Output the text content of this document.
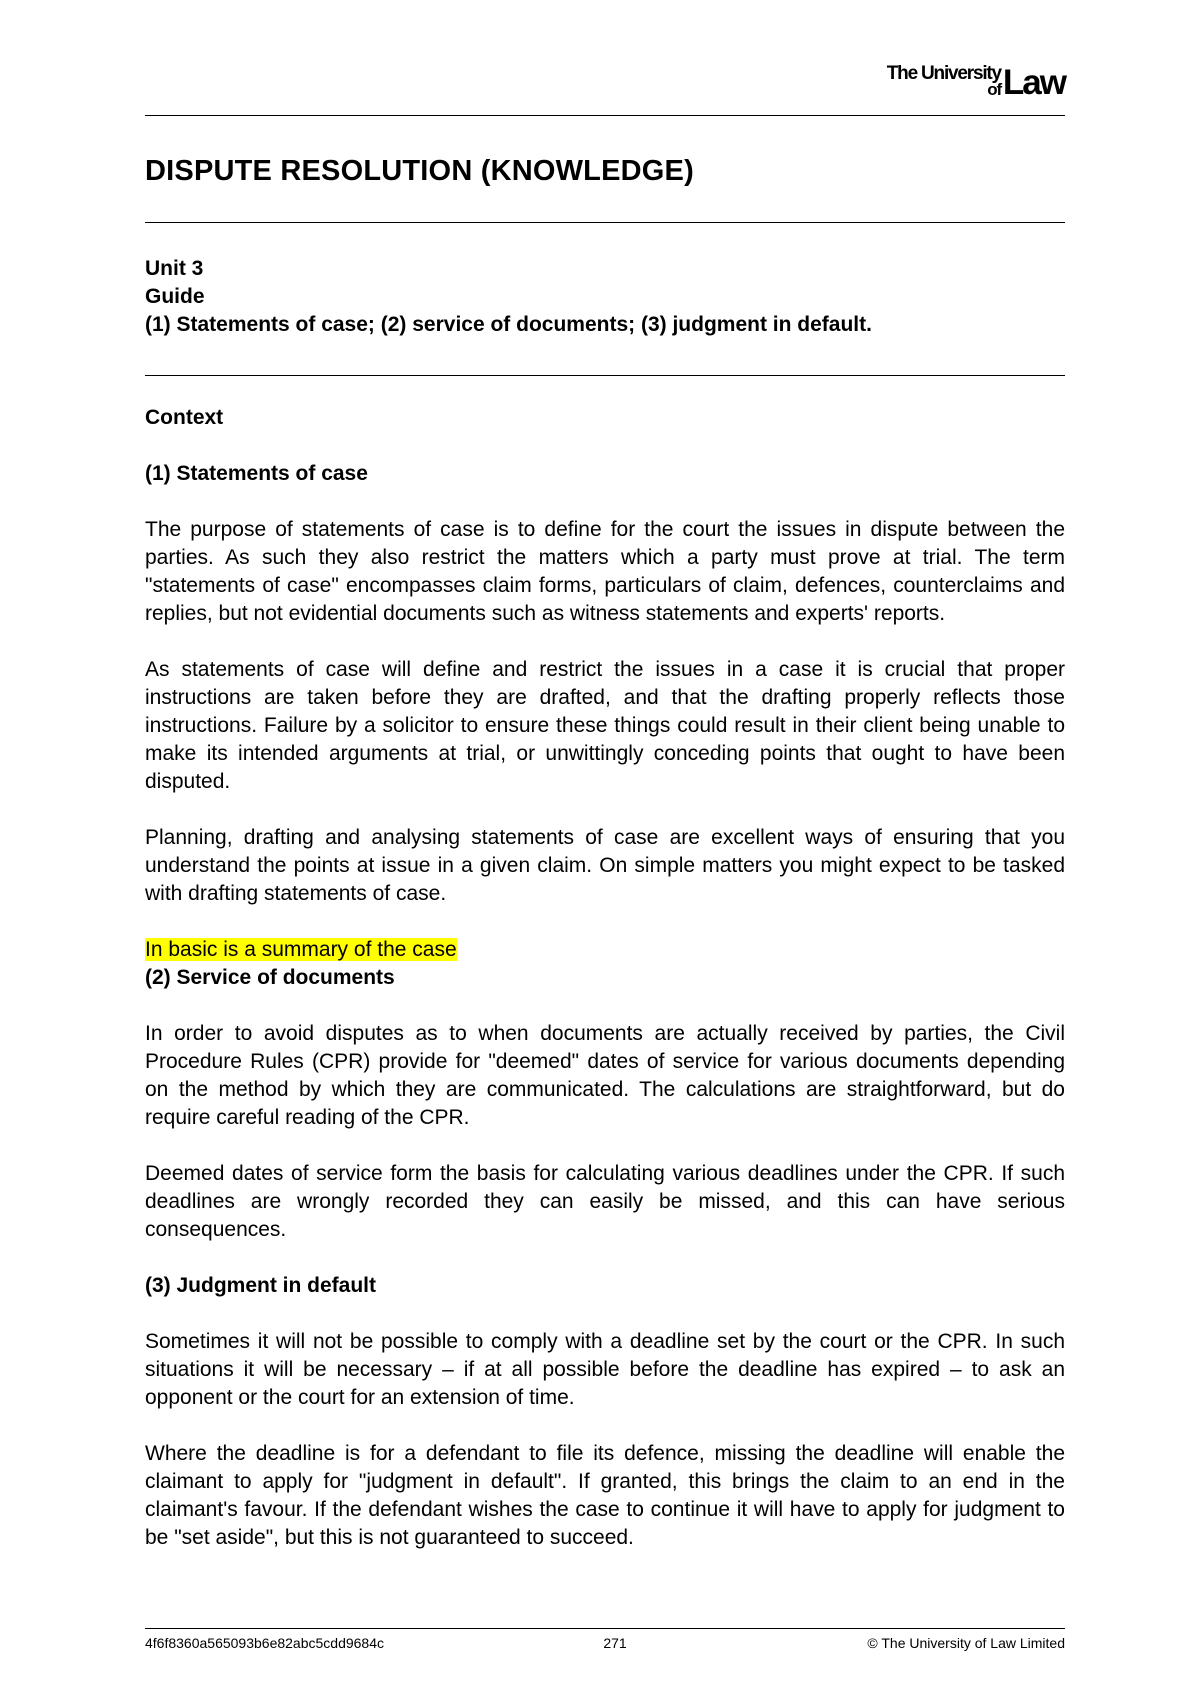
The University
of Law
DISPUTE RESOLUTION (KNOWLEDGE)
Unit 3
Guide
(1) Statements of case; (2) service of documents; (3) judgment in default.
Context
(1) Statements of case

The purpose of statements of case is to define for the court the issues in dispute between the parties. As such they also restrict the matters which a party must prove at trial. The term "statements of case" encompasses claim forms, particulars of claim, defences, counterclaims and replies, but not evidential documents such as witness statements and experts' reports.

As statements of case will define and restrict the issues in a case it is crucial that proper instructions are taken before they are drafted, and that the drafting properly reflects those instructions. Failure by a solicitor to ensure these things could result in their client being unable to make its intended arguments at trial, or unwittingly conceding points that ought to have been disputed.

Planning, drafting and analysing statements of case are excellent ways of ensuring that you understand the points at issue in a given claim. On simple matters you might expect to be tasked with drafting statements of case.

In basic is a summary of the case
(2) Service of documents

In order to avoid disputes as to when documents are actually received by parties, the Civil Procedure Rules (CPR) provide for "deemed" dates of service for various documents depending on the method by which they are communicated. The calculations are straightforward, but do require careful reading of the CPR.

Deemed dates of service form the basis for calculating various deadlines under the CPR. If such deadlines are wrongly recorded they can easily be missed, and this can have serious consequences.

(3) Judgment in default

Sometimes it will not be possible to comply with a deadline set by the court or the CPR. In such situations it will be necessary – if at all possible before the deadline has expired – to ask an opponent or the court for an extension of time.

Where the deadline is for a defendant to file its defence, missing the deadline will enable the claimant to apply for "judgment in default". If granted, this brings the claim to an end in the claimant's favour. If the defendant wishes the case to continue it will have to apply for judgment to be "set aside", but this is not guaranteed to succeed.

4f6f8360a565093b6e82abc5cdd9684c	271	© The University of Law Limited
